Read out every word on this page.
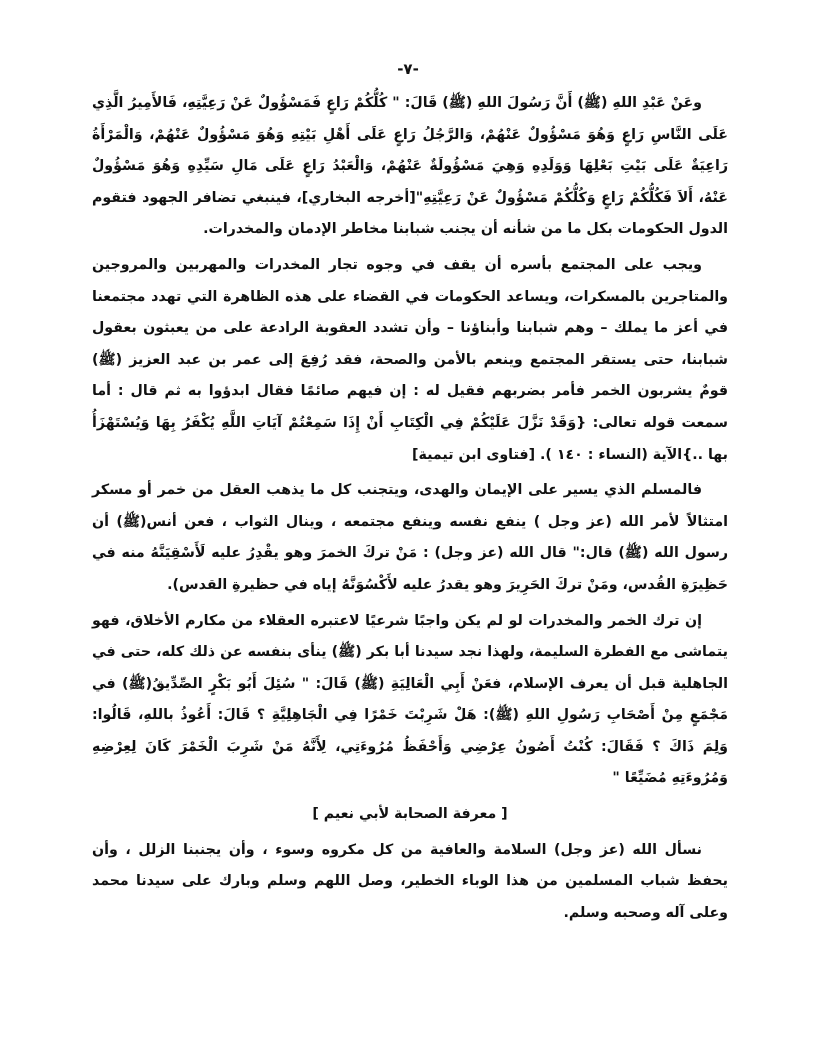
-٧-

وعَنْ عَبْدِ اللهِ (ﷺ) أَنَّ رَسُولَ اللهِ (ﷺ) قَالَ: " كُلُّكُمْ رَاعٍ فَمَسْؤُولٌ عَنْ رَعِيَّتِهِ، فَالأَمِيرُ الَّذِي عَلَى النَّاسِ رَاعٍ وَهُوَ مَسْؤُولٌ عَنْهُمْ، وَالرَّجُلُ رَاعٍ عَلَى أَهْلِ بَيْتِهِ وَهُوَ مَسْؤُولٌ عَنْهُمْ، وَالْمَرْأَةُ رَاعِيَةٌ عَلَى بَيْتِ بَعْلِهَا وَوَلَدِهِ وَهِيَ مَسْؤُولَةٌ عَنْهُمْ، وَالْعَبْدُ رَاعٍ عَلَى مَالِ سَيِّدِهِ وَهُوَ مَسْؤُولٌ عَنْهُ، أَلاَ فَكُلُّكُمْ رَاعٍ وَكُلُّكُمْ مَسْؤُولٌ عَنْ رَعِيَّتِهِ"[أخرجه البخاري]، فينبغي تضافر الجهود فتقوم الدول الحكومات بكل ما من شأنه أن يجنب شبابنا مخاطر الإدمان والمخدرات.

ويجب على المجتمع بأسره أن يقف في وجوه تجار المخدرات والمهربين والمروجين والمتاجرين بالمسكرات، ويساعد الحكومات في القضاء على هذه الظاهرة التي تهدد مجتمعنا في أعز ما يملك – وهم شبابنا وأبناؤنا – وأن تشدد العقوبة الرادعة على من يعبثون بعقول شبابنا، حتى يستقر المجتمع وينعم بالأمن والصحة، فقد رُفِعَ إلى عمر بن عبد العزيز (ﷺ) قومٌ يشربون الخمر فأمر بضربهم فقيل له : إن فيهم صائمًا فقال ابدؤوا به ثم قال : أما سمعت قوله تعالى: {وَقَدْ نَزَّلَ عَلَيْكُمْ فِي الْكِتَابِ أَنْ إِذَا سَمِعْتُمْ آيَاتِ اللَّهِ يُكْفَرُ بِهَا وَيُسْتَهْزَأُ بها ..}الآية (النساء : ١٤٠ ). [فتاوى ابن تيمية]

فالمسلم الذي يسير على الإيمان والهدى، ويتجنب كل ما يذهب العقل من خمر أو مسكر امتثالاً لأمر الله (عز وجل ) ينفع نفسه وينفع مجتمعه ، وينال الثواب ، فعن أنس(ﷺ) أن رسول الله (ﷺ) قال:" قال الله (عز وجل) : مَنْ تركَ الخمرَ وهو يقْدِرُ عليه لَأَسْقِيَنَّهُ منه في حَظِيرَةِ القُدس، ومَنْ تركَ الحَرِيرَ وهو يقدرُ عليه لأَكْسُوَنَّهُ إياه في حظيرةِ القدس).

إن ترك الخمر والمخدرات لو لم يكن واجبًا شرعيًا لاعتبره العقلاء من مكارم الأخلاق، فهو يتماشى مع الفطرة السليمة، ولهذا نجد سيدنا أبا بكر (ﷺ) ينأى بنفسه عن ذلك كله، حتى في الجاهلية قبل أن يعرف الإسلام، فعَنْ أَبِي الْعَالِيَةِ (ﷺ) قَالَ: " سُئِلَ أَبُو بَكْرٍ الصِّدِّيقُ(ﷺ) في مَجْمَعٍ مِنْ أَصْحَابِ رَسُولِ اللهِ (ﷺ): هَلْ شَرِبْتَ خَمْرًا فِي الْجَاهِلِيَّةِ ؟ قَالَ: أَعُوذُ باللهِ، قَالُوا: وَلِمَ ذَاكَ ؟ فَقَالَ: كُنْتُ أَصُونُ عِرْضِي وَأَحْفَظُ مُرُوءَتِي، لِأَنَّهُ مَنْ شَرِبَ الْخَمْرَ كَانَ لِعِرْضِهِ وَمُرُوءَتِهِ مُضَيِّعًا "

[ معرفة الصحابة لأبي نعيم ]

نسأل الله (عز وجل) السلامة والعافية من كل مكروه وسوء ، وأن يجنبنا الزلل ، وأن يحفظ شباب المسلمين من هذا الوباء الخطير، وصل اللهم وسلم وبارك على سيدنا محمد وعلى آله وصحبه وسلم.
